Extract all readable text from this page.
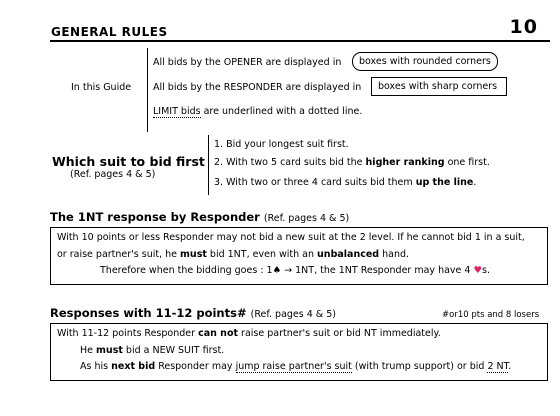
GENERAL RULES	10
In this Guide
All bids by the OPENER are displayed in	boxes with rounded corners
All bids by the RESPONDER are displayed in	boxes with sharp corners
LIMIT bids are underlined with a dotted line.
Which suit to bid first
(Ref. pages 4 & 5)
1. Bid your longest suit first.
2. With two 5 card suits bid the higher ranking one first.
3. With two or three 4 card suits bid them up the line.
The 1NT response by Responder (Ref. pages 4 & 5)
With 10 points or less Responder may not bid a new suit at the 2 level. If he cannot bid 1 in a suit,
or raise partner's suit, he must bid 1NT, even with an unbalanced hand.
Therefore when the bidding goes : 1♠ → 1NT, the 1NT Responder may have 4 ♥s.
Responses with 11-12 points# (Ref. pages 4 & 5)	#or10 pts and 8 losers
With 11-12 points Responder can not raise partner's suit or bid NT immediately.
He must bid a NEW SUIT first.
As his next bid Responder may jump raise partner's suit (with trump support) or bid 2 NT.
